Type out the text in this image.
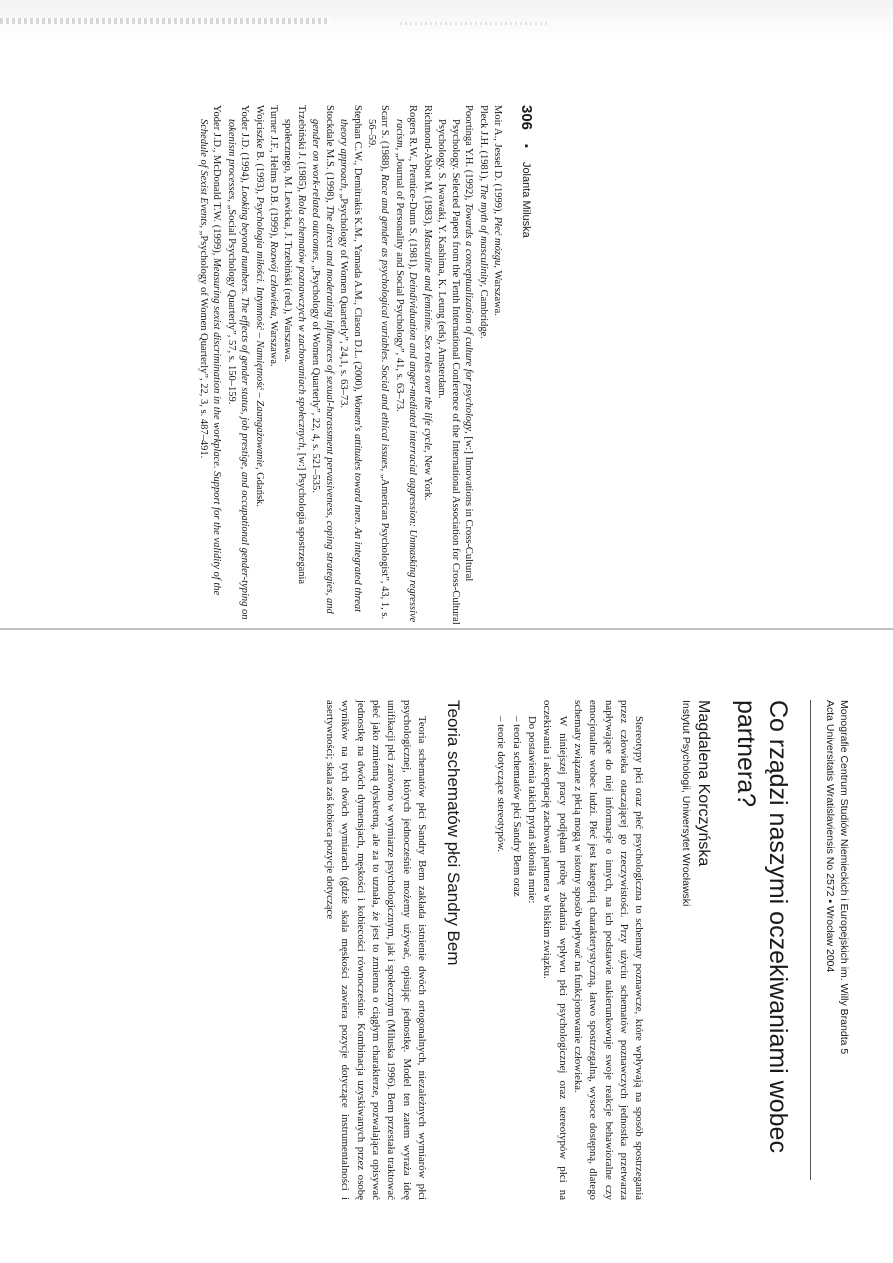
306
▪
Jolanta Miluska
Moir A., Jessel D. (1999), Płeć mózgu, Warszawa.
Pleck J.H. (1981), The myth of masculinity, Cambridge.
Poortinga Y.H. (1992), Towards a conceptualization of culture for psychology, [w:] Innovations in Cross-Cultural Psychology. Selected Papers from the Tenth International Conference of the International Association for Cross-Cultural Psychology. S. Iwawaki, Y. Kashima, K. Leung (eds), Amsterdam.
Richmond-Abbot M. (1983), Masculine and feminine. Sex roles over the life cycle, New York.
Rogers R.W., Prentice-Dunn S. (1981), Deindividuation and anger-mediated interracial aggression: Unmasking regressive racism, „Journal of Personality and Social Psychology”, 41, s. 63–73.
Scarr S. (1988), Race and gender as psychological variables. Social and ethical issues, „American Psychologist”, 43, 1, s. 56–59.
Stephan C.W., Demitrakis K.M., Yamada A.M., Clason D.L. (2000), Women's attitudes toward men. An integrated threat theory approach, „Psychology of Women Quarterly”, 24,1, s. 63–73.
Stockdale M.S. (1998), The direct and moderating influences of sexual-harassment pervasiveness, coping strategies, and gender on work-related outcomes, „Psychology of Women Quarterly”, 22, 4, s. 521–535.
Trzebiński J. (1985), Rola schematów poznawczych w zachowaniach społecznych, [w:] Psychologia spostrzegania społecznego, M. Lewicka, J. Trzebiński (red.), Warszawa.
Turner J.F., Helms D.B. (1999), Rozwój człowieka, Warszawa.
Wojciszke B. (1993), Psychologia miłości. Intymność – Namiętność – Zaangażowanie, Gdańsk.
Yoder J.D. (1994), Looking beyond numbers. The effects of gender status, job prestige, and occupational gender-typing on tokenism processes, „Social Psychology Quarterly”, 57, s. 150–159.
Yoder J.D., McDonald T.W. (1999), Measuring sexist discrimination in the workplace. Support for the validity of the Schedule of Sexist Events, „Psychology of Women Quarterly”, 22, 3, s. 487–491.
Monografie Centrum Studiów Niemieckich i Europejskich im. Willy Brandta 5
Acta Universitatis Wratislaviensis No 2572 ▪ Wrocław 2004
Co rządzi naszymi oczekiwaniami wobec partnera?
Magdalena Korczyńska
Instytut Psychologii, Uniwersytet Wrocławski

Stereotypy płci oraz płeć psychologiczna to schematy poznawcze, które wpływają na sposób spostrzegania przez człowieka otaczającej go rzeczywistości. Przy użyciu schematów poznawczych jednostka przetwarza napływające do niej informacje o innych, na ich podstawie nakierunkowuje swoje reakcje behawioralne czy emocjonalne wobec ludzi. Płeć jest kategorią charakterystyczną, łatwo spostrzegalną, wysoce dostępną, dlatego schematy związane z płcią mogą w istotny sposób wpływać na funkcjonowanie człowieka.

W niniejszej pracy podjęłam próbę zbadania wpływu płci psychologicznej oraz stereotypów płci na oczekiwania i akceptację zachowań partnera w bliskim związku.

Do postawienia takich pytań skłoniła mnie:

– teoria schematów płci Sandry Bem oraz
– teorie dotyczące stereotypów.
Teoria schematów płci Sandry Bem

Teoria schematów płci Sandry Bem zakłada istnienie dwóch ortogonalnych, niezależnych wymiarów płci psychologicznej, których jednocześnie możemy używać, opisując jednostkę. Model ten zatem wyraża ideę unifikacji płci zarówno w wymiarze psychologicznym, jak i społecznym (Miluska 1996). Bem przestała traktować płeć jako zmienną dyskretną, ale za to uznała, że jest to zmienna o ciągłym charakterze, pozwalająca opisywać jednostkę na dwóch dymensjach, męskości i kobiecości równocześnie. Kombinacja uzyskiwanych przez osobę wyników na tych dwóch wymiarach (gdzie skala męskości zawiera pozycje dotyczące instrumentalności i asertywności; skala zaś kobieca pozycje dotyczące
